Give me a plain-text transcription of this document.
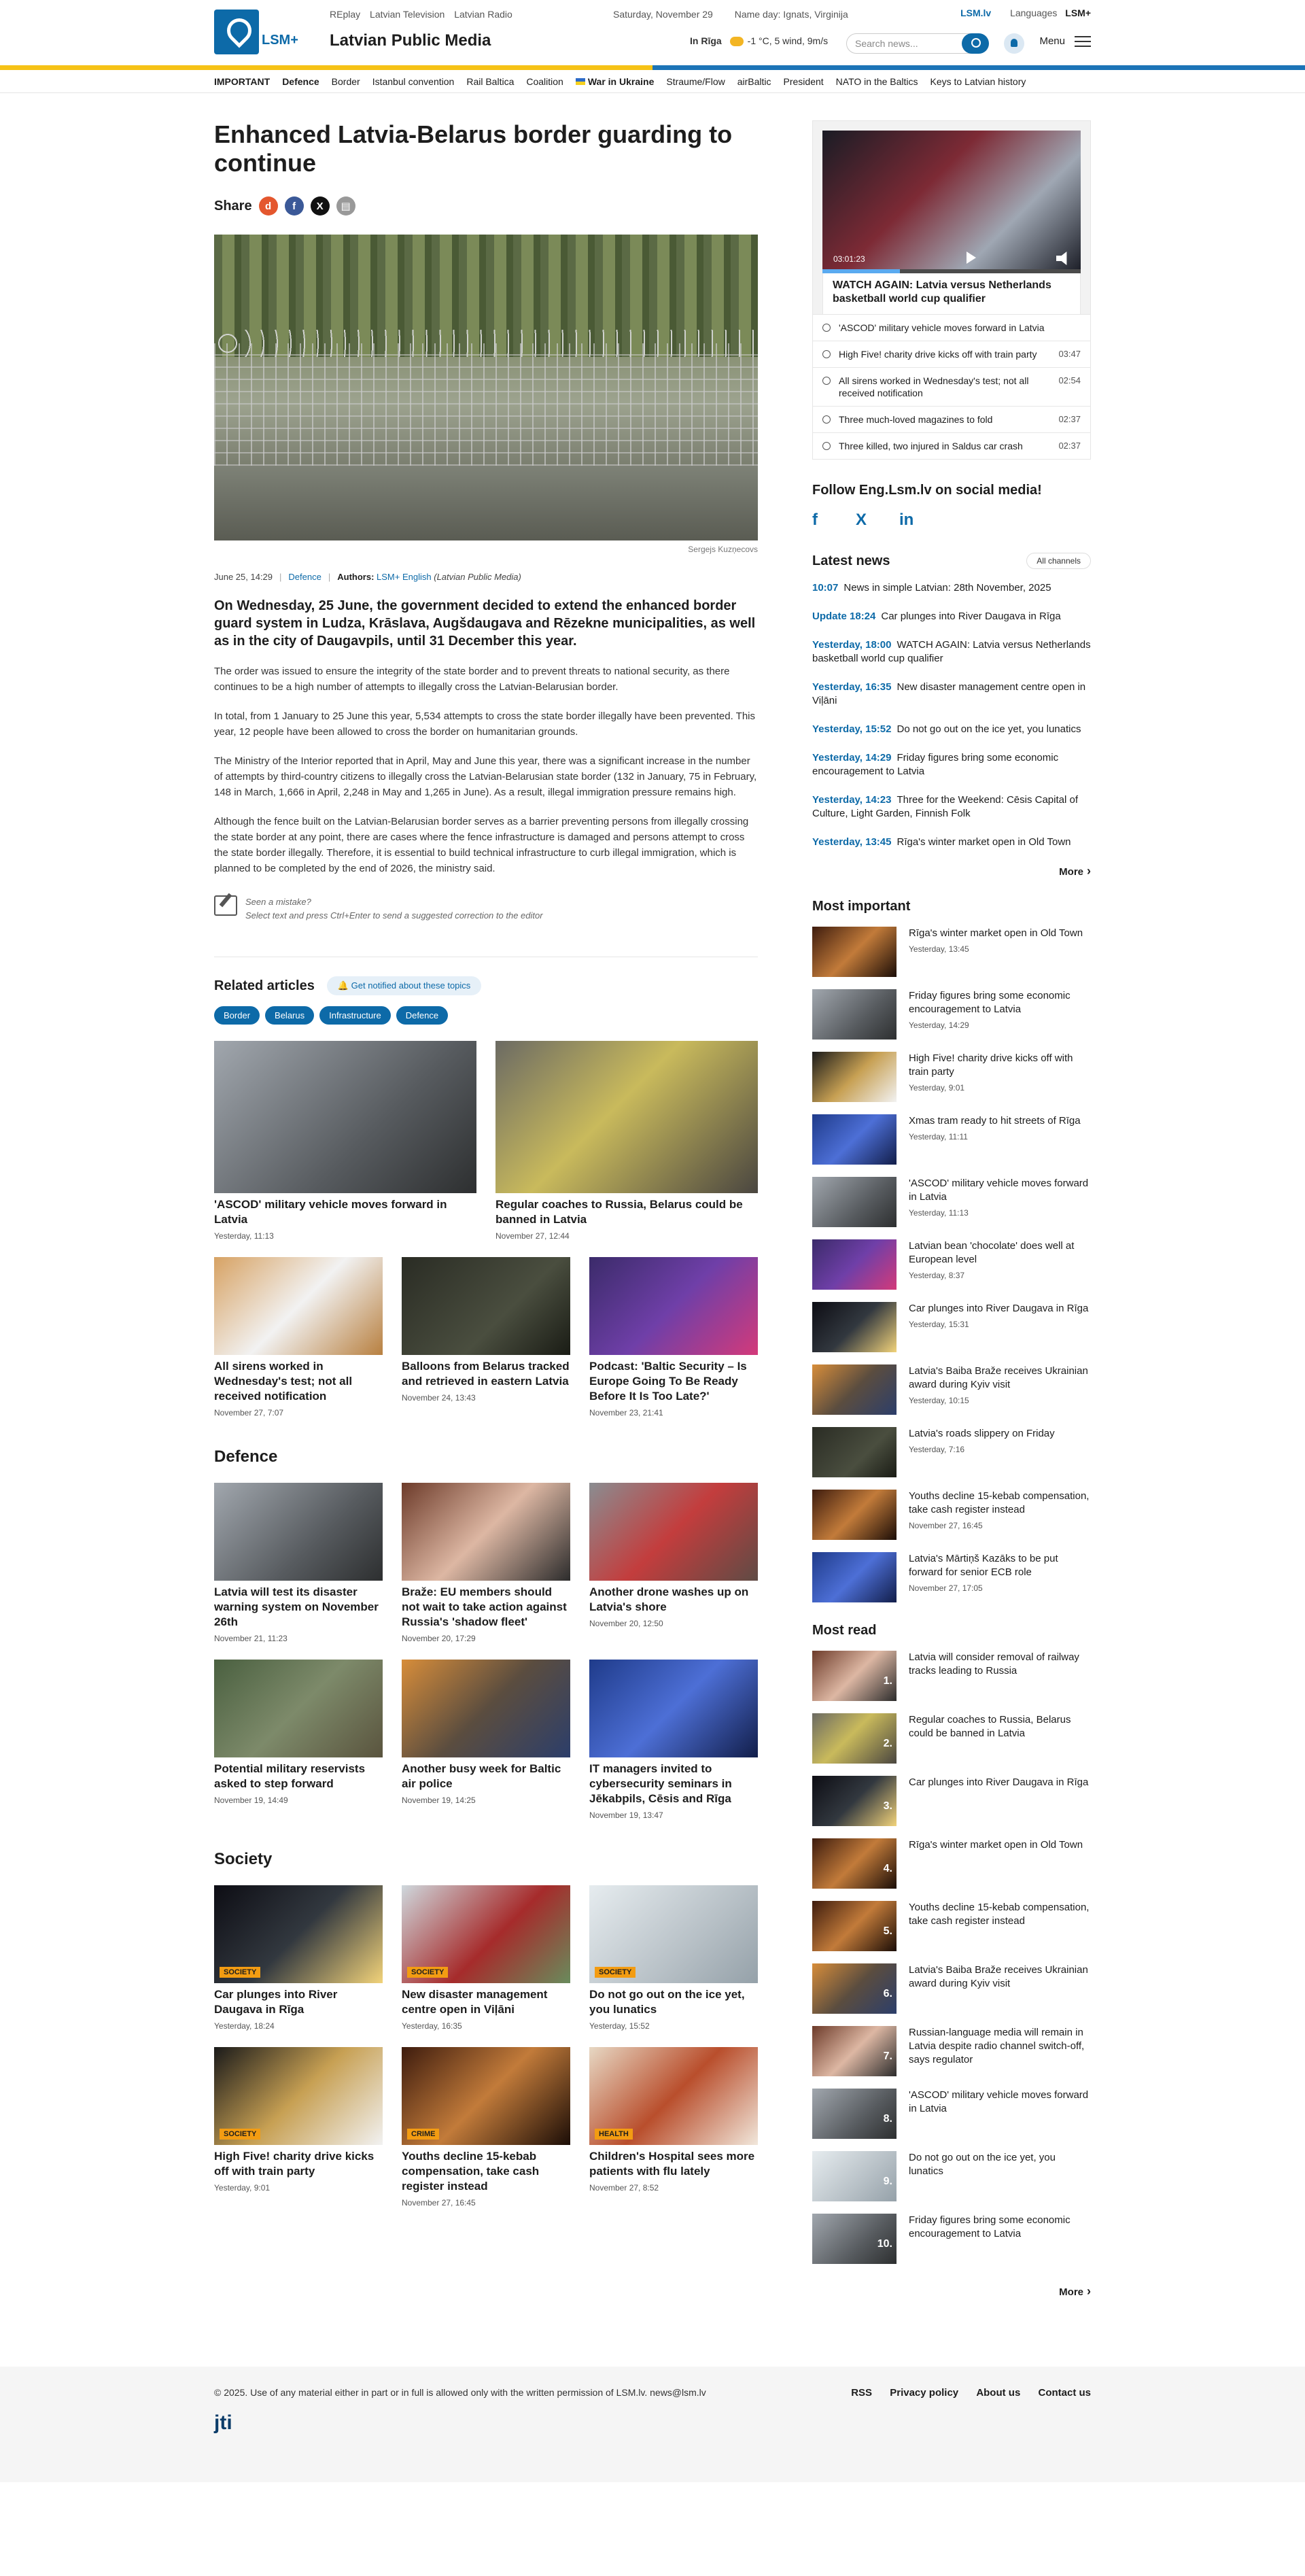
LSM+
REplay Latvian Television Latvian Radio
Latvian Public Media
Saturday, November 29 Name day: Ignats, Virginija	LSM.lv Languages LSM+
In Rīga	-1 °C, 5 wind, 9m/s	Search news...	Menu
IMPORTANT Defence Border Istanbul convention Rail Baltica Coalition	War in Ukraine Straume/Flow airBaltic President NATO in the Baltics Keys to Latvian history
Enhanced Latvia-Belarus border guarding to continue
Share	d	f	X	▤
Sergejs Kuzņecovs
June 25, 14:29 | Defence | Authors: LSM+ English (Latvian Public Media)
On Wednesday, 25 June, the government decided to extend the enhanced border guard system in Ludza, Krāslava, Augšdaugava and Rēzekne municipalities, as well as in the city of Daugavpils, until 31 December this year.

The order was issued to ensure the integrity of the state border and to prevent threats to national security, as there continues to be a high number of attempts to illegally cross the Latvian-Belarusian border.

In total, from 1 January to 25 June this year, 5,534 attempts to cross the state border illegally have been prevented. This year, 12 people have been allowed to cross the border on humanitarian grounds.

The Ministry of the Interior reported that in April, May and June this year, there was a significant increase in the number of attempts by third-country citizens to illegally cross the Latvian-Belarusian state border (132 in January, 75 in February, 148 in March, 1,666 in April, 2,248 in May and 1,265 in June). As a result, illegal immigration pressure remains high.

Although the fence built on the Latvian-Belarusian border serves as a barrier preventing persons from illegally crossing the state border at any point, there are cases where the fence infrastructure is damaged and persons attempt to cross the state border illegally. Therefore, it is essential to build technical infrastructure to curb illegal immigration, which is planned to be completed by the end of 2026, the ministry said.

Seen a mistake?
Select text and press Ctrl+Enter to send a suggested correction to the editor
Related articles	🔔 Get notified about these topics
Border	Belarus	Infrastructure	Defence
'ASCOD' military vehicle moves forward in Latvia
Yesterday, 11:13
Regular coaches to Russia, Belarus could be banned in Latvia
November 27, 12:44
All sirens worked in Wednesday's test; not all received notification
November 27, 7:07
Balloons from Belarus tracked and retrieved in eastern Latvia
November 24, 13:43
Podcast: 'Baltic Security – Is Europe Going To Be Ready Before It Is Too Late?'
November 23, 21:41
Defence
Latvia will test its disaster warning system on November 26th
November 21, 11:23
Braže: EU members should not wait to take action against Russia's 'shadow fleet'
November 20, 17:29
Another drone washes up on Latvia's shore
November 20, 12:50
Potential military reservists asked to step forward
November 19, 14:49
Another busy week for Baltic air police
November 19, 14:25
IT managers invited to cybersecurity seminars in Jēkabpils, Cēsis and Rīga
November 19, 13:47
Society
SOCIETY
Car plunges into River Daugava in Rīga
Yesterday, 18:24
SOCIETY
New disaster management centre open in Viļāni
Yesterday, 16:35
SOCIETY
Do not go out on the ice yet, you lunatics
Yesterday, 15:52
SOCIETY
High Five! charity drive kicks off with train party
Yesterday, 9:01
CRIME
Youths decline 15-kebab compensation, take cash register instead
November 27, 16:45
HEALTH
Children's Hospital sees more patients with flu lately
November 27, 8:52
03:01:23
WATCH AGAIN: Latvia versus Netherlands basketball world cup qualifier
'ASCOD' military vehicle moves forward in Latvia
High Five! charity drive kicks off with train party	03:47
All sirens worked in Wednesday's test; not all received notification
02:54
Three much-loved magazines to fold	02:37
Three killed, two injured in Saldus car crash	02:37
Follow Eng.Lsm.lv on social media!
f	X	in
Latest news	All channels
10:07 News in simple Latvian: 28th November, 2025
Update 18:24 Car plunges into River Daugava in Rīga
Yesterday, 18:00 WATCH AGAIN: Latvia versus Netherlands basketball world cup qualifier
Yesterday, 16:35 New disaster management centre open in Viļāni
Yesterday, 15:52 Do not go out on the ice yet, you lunatics
Yesterday, 14:29 Friday figures bring some economic encouragement to Latvia
Yesterday, 14:23 Three for the Weekend: Cēsis Capital of Culture, Light Garden, Finnish Folk
Yesterday, 13:45 Rīga's winter market open in Old Town
More ›
Most important
Rīga's winter market open in Old Town
Yesterday, 13:45
Friday figures bring some economic encouragement to Latvia
Yesterday, 14:29
High Five! charity drive kicks off with train party
Yesterday, 9:01
Xmas tram ready to hit streets of Rīga
Yesterday, 11:11
'ASCOD' military vehicle moves forward in Latvia
Yesterday, 11:13
Latvian bean 'chocolate' does well at European level
Yesterday, 8:37
Car plunges into River Daugava in Rīga
Yesterday, 15:31
Latvia's Baiba Braže receives Ukrainian award during Kyiv visit
Yesterday, 10:15
Latvia's roads slippery on Friday
Yesterday, 7:16
Youths decline 15-kebab compensation, take cash register instead
November 27, 16:45
Latvia's Mārtiņš Kazāks to be put forward for senior ECB role
November 27, 17:05
Most read
1.
Latvia will consider removal of railway tracks leading to Russia
2.
Regular coaches to Russia, Belarus could be banned in Latvia
3.
Car plunges into River Daugava in Rīga
4.
Rīga's winter market open in Old Town
5.
Youths decline 15-kebab compensation, take cash register instead
6.
Latvia's Baiba Braže receives Ukrainian award during Kyiv visit
7.
Russian-language media will remain in Latvia despite radio channel switch-off, says regulator
8.
'ASCOD' military vehicle moves forward in Latvia
9.
Do not go out on the ice yet, you lunatics
10.
Friday figures bring some economic encouragement to Latvia
More ›
© 2025. Use of any material either in part or in full is allowed only with the written permission of LSM.lv. news@lsm.lv	RSS Privacy policy About us Contact us
jti
